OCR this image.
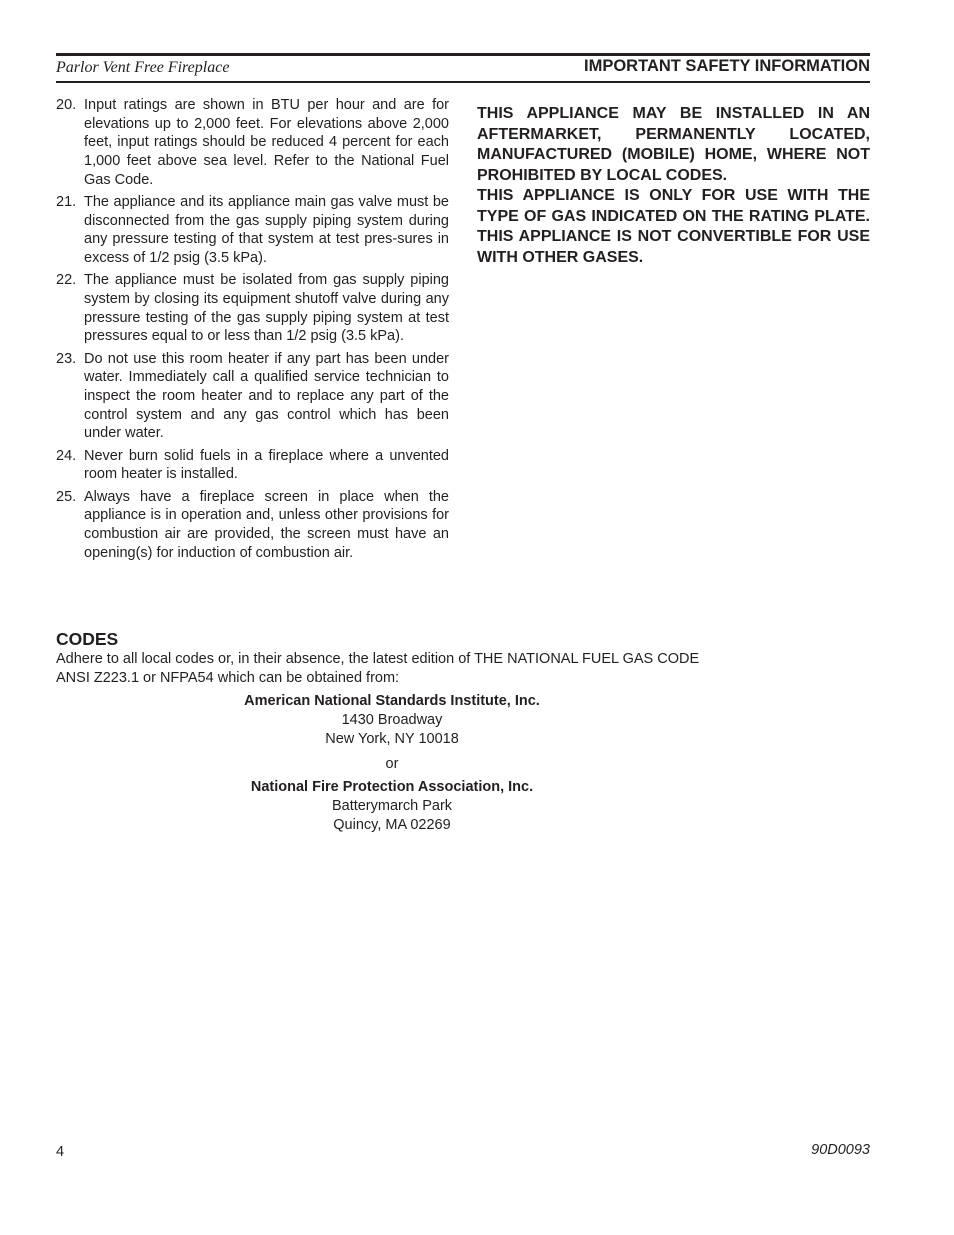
Parlor Vent Free Fireplace	IMPORTANT SAFETY INFORMATION
20. Input ratings are shown in BTU per hour and are for elevations up to 2,000 feet. For elevations above 2,000 feet, input ratings should be reduced 4 percent for each 1,000 feet above sea level. Refer to the National Fuel Gas Code.
21. The appliance and its appliance main gas valve must be disconnected from the gas supply piping system during any pressure testing of that system at test pres-sures in excess of 1/2 psig (3.5 kPa).
22. The appliance must be isolated from gas supply piping system by closing its equipment shutoff valve during any pressure testing of the gas supply piping system at test pressures equal to or less than 1/2 psig (3.5 kPa).
23. Do not use this room heater if any part has been under water. Immediately call a qualified service technician to inspect the room heater and to replace any part of the control system and any gas control which has been under water.
24. Never burn solid fuels in a fireplace where a unvented room heater is installed.
25. Always have a fireplace screen in place when the appliance is in operation and, unless other provisions for combustion air are provided, the screen must have an opening(s) for induction of combustion air.

THIS APPLIANCE MAY BE INSTALLED IN AN AFTERMARKET, PERMANENTLY LOCATED, MANUFACTURED (MOBILE) HOME, WHERE NOT PROHIBITED BY LOCAL CODES.

THIS APPLIANCE IS ONLY FOR USE WITH THE TYPE OF GAS INDICATED ON THE RATING PLATE. THIS APPLIANCE IS NOT CONVERTIBLE FOR USE WITH OTHER GASES.

CODES
Adhere to all local codes or, in their absence, the latest edition of THE NATIONAL FUEL GAS CODE
ANSI Z223.1 or NFPA54 which can be obtained from:
American National Standards Institute, Inc.
1430 Broadway
New York, NY 10018
or
National Fire Protection Association, Inc.
Batterymarch Park
Quincy, MA 02269
4	90D0093
